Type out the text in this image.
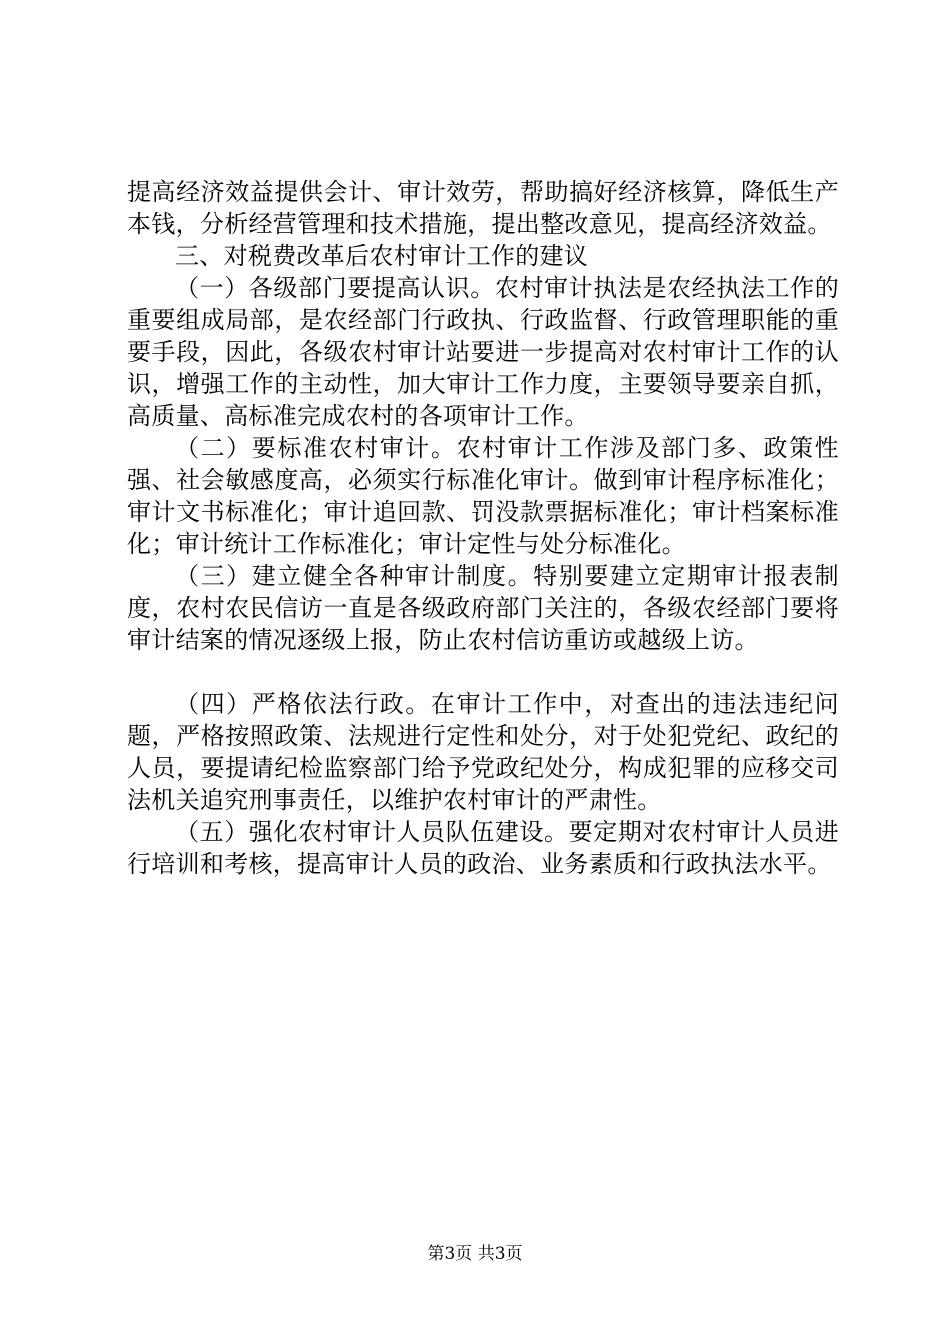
提高经济效益提供会计、审计效劳，帮助搞好经济核算，降低生产本钱，分析经营管理和技术措施，提出整改意见，提高经济效益。

三、对税费改革后农村审计工作的建议

（一）各级部门要提高认识。农村审计执法是农经执法工作的重要组成局部，是农经部门行政执、行政监督、行政管理职能的重要手段，因此，各级农村审计站要进一步提高对农村审计工作的认识，增强工作的主动性，加大审计工作力度，主要领导要亲自抓，高质量、高标准完成农村的各项审计工作。

（二）要标准农村审计。农村审计工作涉及部门多、政策性强、社会敏感度高，必须实行标准化审计。做到审计程序标准化；审计文书标准化；审计追回款、罚没款票据标准化；审计档案标准化；审计统计工作标准化；审计定性与处分标准化。

（三）建立健全各种审计制度。特别要建立定期审计报表制度，农村农民信访一直是各级政府部门关注的，各级农经部门要将审计结案的情况逐级上报，防止农村信访重访或越级上访。

（四）严格依法行政。在审计工作中，对查出的违法违纪问题，严格按照政策、法规进行定性和处分，对于处犯党纪、政纪的人员，要提请纪检监察部门给予党政纪处分，构成犯罪的应移交司法机关追究刑事责任，以维护农村审计的严肃性。

（五）强化农村审计人员队伍建设。要定期对农村审计人员进行培训和考核，提高审计人员的政治、业务素质和行政执法水平。

第3页 共3页
